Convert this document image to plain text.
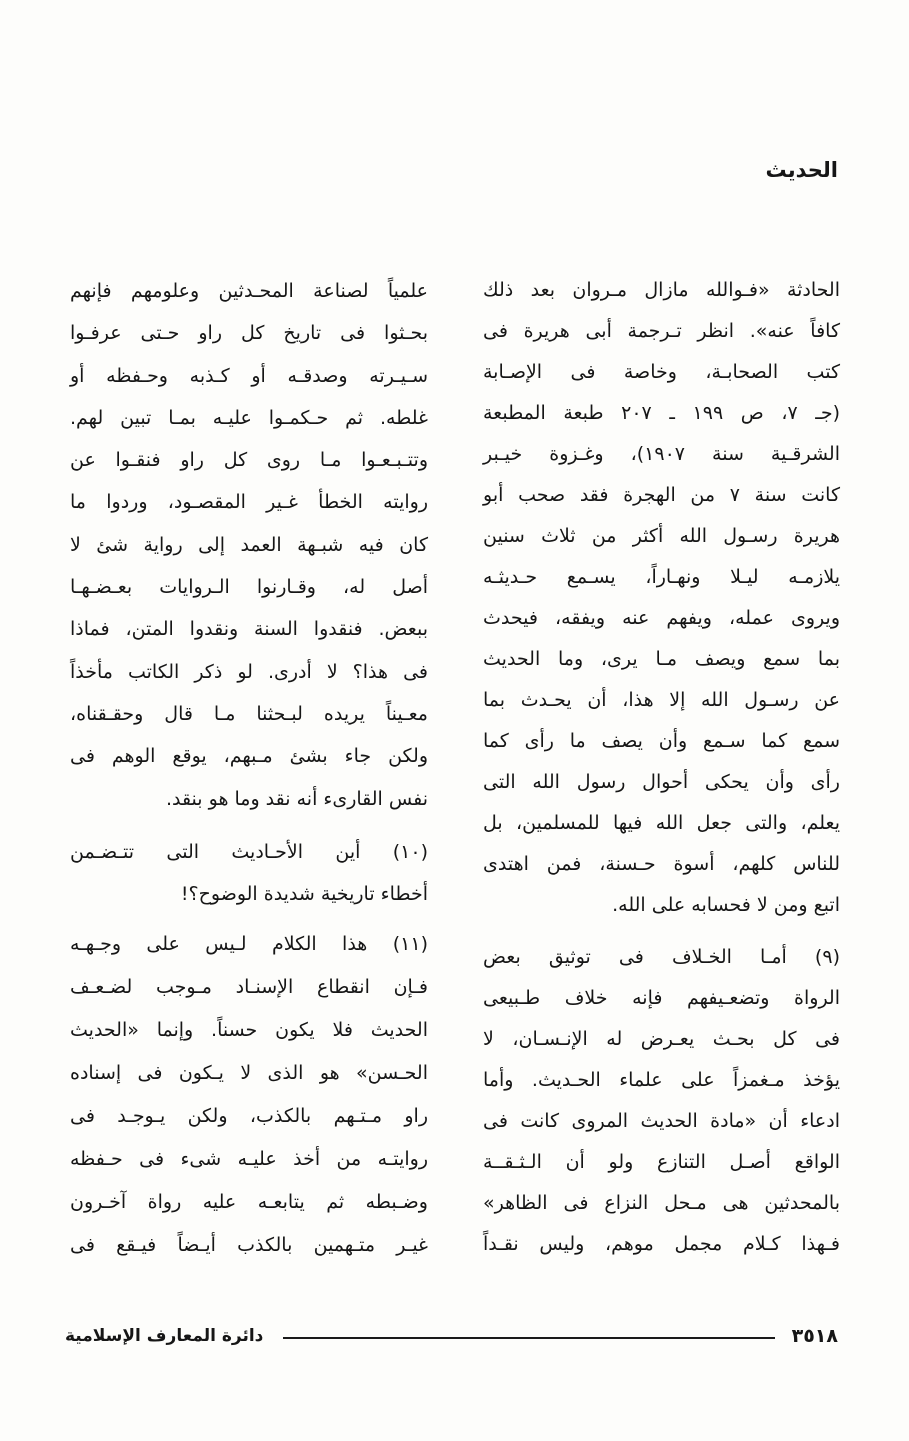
الحديث
الحادثة «فـوالله مازال مـروان بعد ذلك
كافاً عنه». انظر تـرجمة أبى هريرة فى
كتب الصحابـة، وخاصة فى الإصـابة
(جـ ٧، ص ١٩٩ ـ ٢٠٧ طبعة المطبعة
الشرقـية سنة ١٩٠٧)، وغـزوة خيـبر
كانت سنة ٧ من الهجرة فقد صحب أبو
هريرة رسـول الله أكثر من ثلاث سنين
يلازمـه ليـلا ونهـاراً، يسـمع حـديثـه
ويروى عمله، ويفهم عنه ويفقه، فيحدث
بما سمع ويصف مـا يرى، وما الحديث
عن رسـول الله إلا هذا، أن يحـدث بما
سمع كما سـمع وأن يصف ما رأى كما
رأى وأن يحكى أحوال رسول الله التى
يعلم، والتى جعل الله فيها للمسلمين، بل
للناس كلهم، أسوة حـسنة، فمن اهتدى
اتبع ومن لا فحسابه على الله.
(٩) أمـا الخـلاف فى توثيق بعض
الرواة وتضعـيفهم فإنه خلاف طـبيعى
فى كل بحـث يعـرض له الإنـسـان، لا
يؤخذ مـغمزاً على علماء الحـديث. وأما
ادعاء أن «مادة الحديث المروى كانت فى
الواقع أصـل التنازع ولو أن الـثـقــة
بالمحدثين هى مـحل النزاع فى الظاهر»
فـهذا كـلام مجمل موهم، وليس نقـداً
علمياً لصناعة المحـدثين وعلومهم فإنهم
بحـثوا فى تاريخ كل راو حـتى عرفـوا
سـيـرته وصدقـه أو كـذبه وحـفظه أو
غلطه. ثم حـكمـوا عليـه بمـا تبين لهم.
وتتـبـعـوا مـا روى كل راو فنقـوا عن
روايته الخطأ غـير المقصـود، وردوا ما
كان فيه شبـهة العمد إلى رواية شئ لا
أصل له، وقـارنوا الـروايات بعـضـهـا
ببعض. فنقدوا السنة ونقدوا المتن، فماذا
فى هذا؟ لا أدرى. لو ذكر الكاتب مأخذاً
معـيناً يريده لبـحثنا مـا قال وحقـقناه،
ولكن جاء بشئ مـبهم، يوقع الوهم فى
نفس القارىء أنه نقد وما هو بنقد.
(١٠) أين الأحـاديث التى تتـضـمن
أخطاء تاريخية شديدة الوضوح؟!
(١١) هذا الكلام لـيس على وجـهـه
فـإن انقطاع الإسنـاد مـوجب لضـعـف
الحديث فلا يكون حسناً. وإنما «الحديث
الحـسن» هو الذى لا يـكون فى إسناده
راو مـتـهم بالكذب، ولكن يـوجـد فى
روايتـه من أخذ عليـه شىء فى حـفظه
وضـبطه ثم يتابعـه عليه رواة آخـرون
غيـر متـهمين بالكذب أيـضاً فيـقع فى
٣٥١٨
دائرة المعارف الإسلامية
